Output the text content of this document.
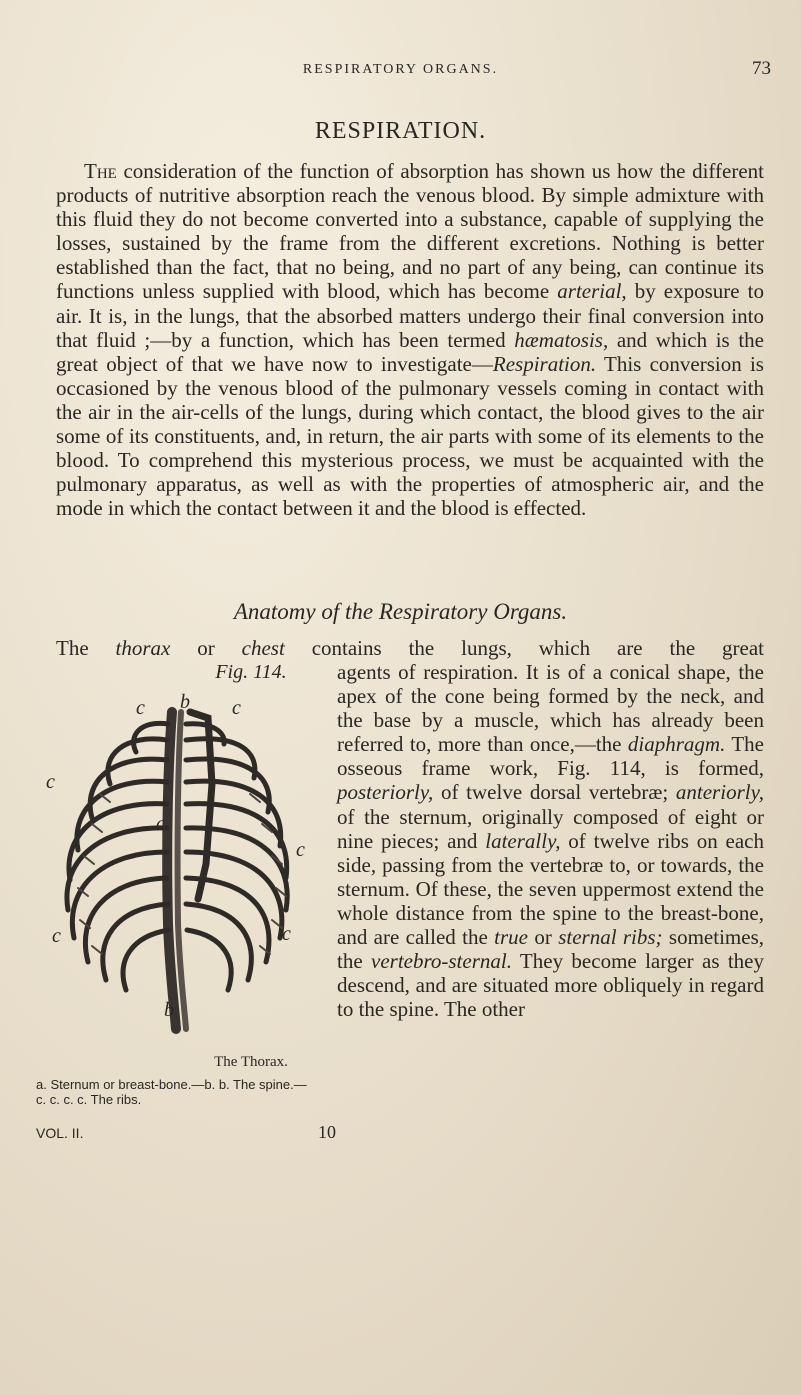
RESPIRATORY ORGANS.	73
RESPIRATION.

The consideration of the function of absorption has shown us how the different products of nutritive absorption reach the venous blood. By simple admixture with this fluid they do not become converted into a substance, capable of supplying the losses, sustained by the frame from the different excretions. Nothing is better established than the fact, that no being, and no part of any being, can continue its functions unless supplied with blood, which has become arterial, by exposure to air. It is, in the lungs, that the absorbed matters undergo their final conversion into that fluid ;—by a function, which has been termed hæmatosis, and which is the great object of that we have now to investigate—Respiration. This conversion is occasioned by the venous blood of the pulmonary vessels coming in contact with the air in the air-cells of the lungs, during which contact, the blood gives to the air some of its constituents, and, in return, the air parts with some of its elements to the blood. To comprehend this mysterious process, we must be acquainted with the pulmonary apparatus, as well as with the properties of atmospheric air, and the mode in which the contact between it and the blood is effected.

Anatomy of the Respiratory Organs.

The thorax or chest contains the lungs, which are the great

Fig. 114.
b
c	c
c
c
c
c	c
b
The Thorax.
a. Sternum or breast-bone.—b. b. The spine.—
c. c. c. c. The ribs.

agents of respiration. It is of a conical shape, the apex of the cone being formed by the neck, and the base by a muscle, which has already been referred to, more than once,—the diaphragm. The osseous frame work, Fig. 114, is formed, posteriorly, of twelve dorsal vertebræ; anteriorly, of the sternum, originally composed of eight or nine pieces; and laterally, of twelve ribs on each side, passing from the vertebræ to, or towards, the sternum. Of these, the seven uppermost extend the whole distance from the spine to the breast-bone, and are called the true or sternal ribs; sometimes, the vertebro-sternal. They become larger as they descend, and are situated more obliquely in regard to the spine. The other

VOL. II.	10
